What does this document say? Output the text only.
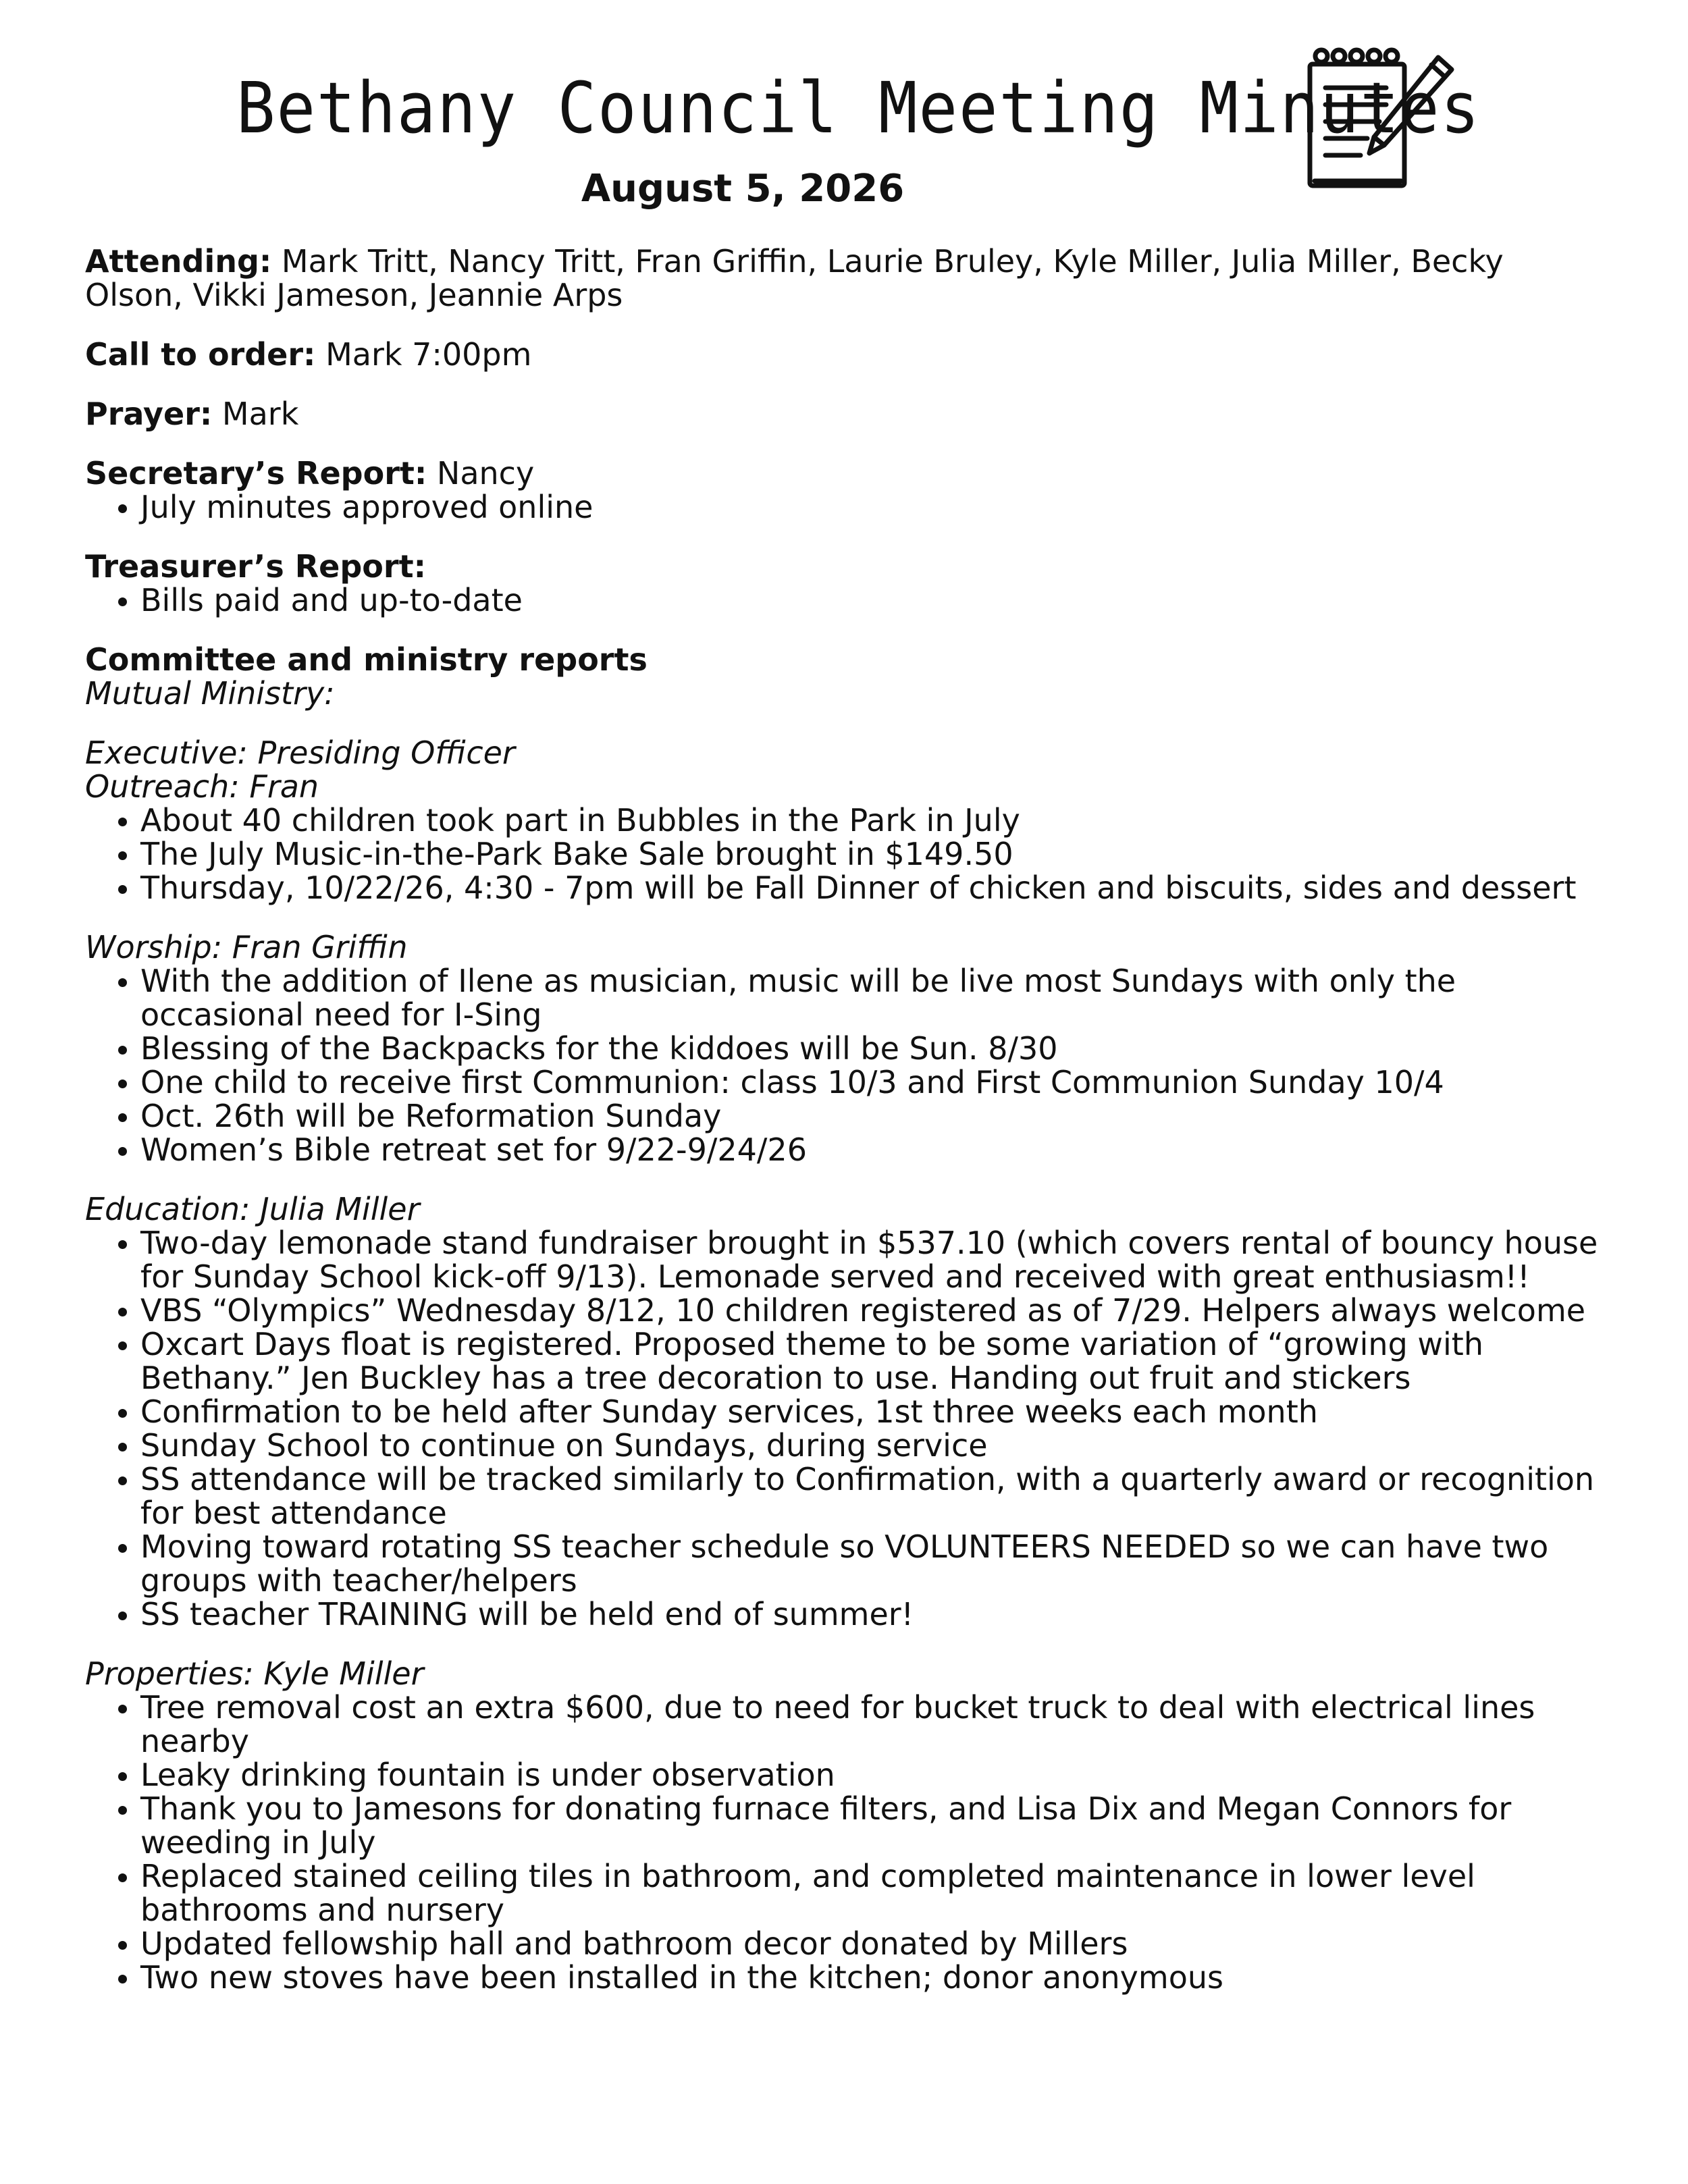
Bethany Council Meeting Minutes
August 5, 2026

Attending: Mark Tritt, Nancy Tritt, Fran Griffin, Laurie Bruley, Kyle Miller, Julia Miller, Becky Olson, Vikki Jameson, Jeannie Arps

Call to order: Mark 7:00pm

Prayer: Mark

Secretary’s Report: Nancy

• July minutes approved online

Treasurer’s Report:

• Bills paid and up-to-date
Committee and ministry reports

Mutual Ministry:

Executive: Presiding Officer

Outreach: Fran

• About 40 children took part in Bubbles in the Park in July
• The July Music-in-the-Park Bake Sale brought in $149.50
• Thursday, 10/22/26, 4:30 - 7pm will be Fall Dinner of chicken and biscuits, sides and dessert

Worship: Fran Griffin

• With the addition of Ilene as musician, music will be live most Sundays with only the occasional need for I-Sing
• Blessing of the Backpacks for the kiddoes will be Sun. 8/30
• One child to receive first Communion: class 10/3 and First Communion Sunday 10/4
• Oct. 26th will be Reformation Sunday
• Women’s Bible retreat set for 9/22-9/24/26

Education: Julia Miller

• Two-day lemonade stand fundraiser brought in $537.10 (which covers rental of bouncy house for Sunday School kick-off 9/13). Lemonade served and received with great enthusiasm!!
• VBS “Olympics” Wednesday 8/12, 10 children registered as of 7/29. Helpers always welcome
• Oxcart Days float is registered. Proposed theme to be some variation of “growing with Bethany.” Jen Buckley has a tree decoration to use. Handing out fruit and stickers
• Confirmation to be held after Sunday services, 1st three weeks each month
• Sunday School to continue on Sundays, during service
• SS attendance will be tracked similarly to Confirmation, with a quarterly award or recognition for best attendance
• Moving toward rotating SS teacher schedule so VOLUNTEERS NEEDED so we can have two groups with teacher/helpers
• SS teacher TRAINING will be held end of summer!

Properties: Kyle Miller

• Tree removal cost an extra $600, due to need for bucket truck to deal with electrical lines nearby
• Leaky drinking fountain is under observation
• Thank you to Jamesons for donating furnace filters, and Lisa Dix and Megan Connors for weeding in July
• Replaced stained ceiling tiles in bathroom, and completed maintenance in lower level bathrooms and nursery
• Updated fellowship hall and bathroom decor donated by Millers
• Two new stoves have been installed in the kitchen; donor anonymous
